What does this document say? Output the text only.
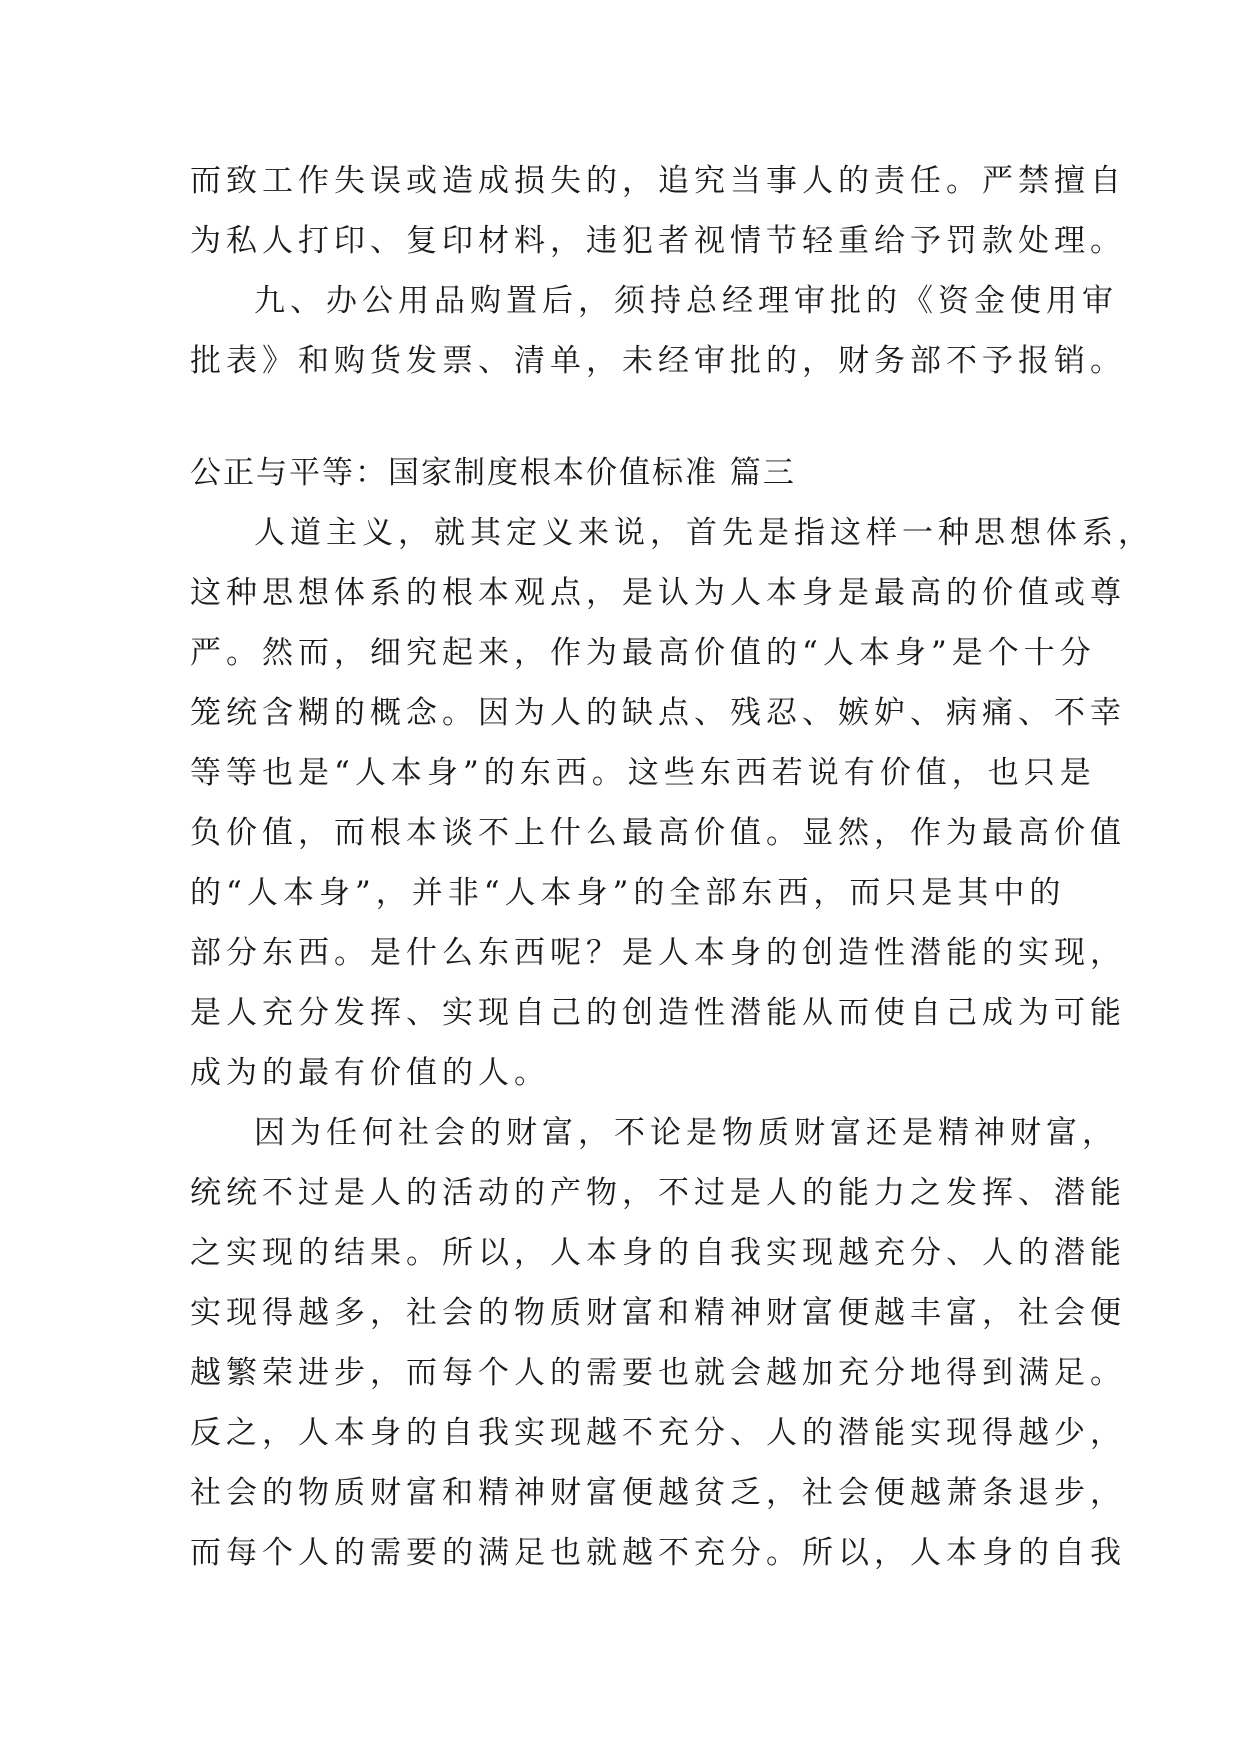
而致工作失误或造成损失的，追究当事人的责任。严禁擅自
为私人打印、复印材料，违犯者视情节轻重给予罚款处理。
九、办公用品购置后，须持总经理审批的《资金使用审
批表》和购货发票、清单，未经审批的，财务部不予报销。
公正与平等：国家制度根本价值标准 篇三
人道主义，就其定义来说，首先是指这样一种思想体系，
这种思想体系的根本观点，是认为人本身是最高的价值或尊
严。然而，细究起来，作为最高价值的“人本身”是个十分
笼统含糊的概念。因为人的缺点、残忍、嫉妒、病痛、不幸
等等也是“人本身”的东西。这些东西若说有价值，也只是
负价值，而根本谈不上什么最高价值。显然，作为最高价值
的“人本身”，并非“人本身”的全部东西，而只是其中的
部分东西。是什么东西呢？是人本身的创造性潜能的实现，
是人充分发挥、实现自己的创造性潜能从而使自己成为可能
成为的最有价值的人。
因为任何社会的财富，不论是物质财富还是精神财富，
统统不过是人的活动的产物，不过是人的能力之发挥、潜能
之实现的结果。所以，人本身的自我实现越充分、人的潜能
实现得越多，社会的物质财富和精神财富便越丰富，社会便
越繁荣进步，而每个人的需要也就会越加充分地得到满足。
反之，人本身的自我实现越不充分、人的潜能实现得越少，
社会的物质财富和精神财富便越贫乏，社会便越萧条退步，
而每个人的需要的满足也就越不充分。所以，人本身的自我
